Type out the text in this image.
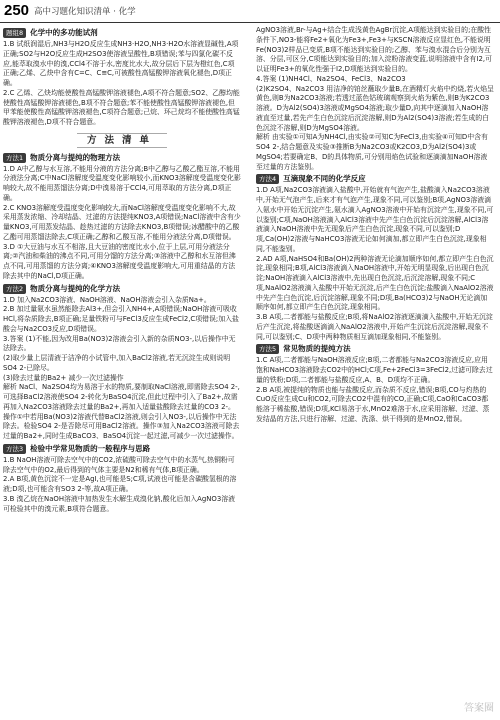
250 高中习题化知识清单 · 化学
题组8 化学中的多功能试剂

1.B 试纸润湿后,NH3与H2O反应生成NH3·H2O,NH3·H2O水溶液显碱性,A项正确;SO2与H2O反应生成H2SO3使溶液呈酸性,B项错误;苯与四氯化碳不反应,能萃取溴水中的溴,CCl4不溶于水,密度比水大,故分层后下层为橙红色,C项正确;乙烯、乙炔中含有C=C、C≡C,可被酸性高锰酸钾溶液氧化褪色,D项正确。

2.C 乙烯、乙炔均能使酸性高锰酸钾溶液褪色,A项不符合题意;SO2、乙醇均能使酸性高锰酸钾溶液褪色,B项不符合题意;苯不能使酸性高锰酸钾溶液褪色,但甲苯能使酸性高锰酸钾溶液褪色,C项符合题意;己烷、环己烷均不能使酸性高锰酸钾溶液褪色,D项不符合题意。

方法清单
方法1 物质分离与提纯的物理方法

1.D A中乙醇与水互溶,不能用分液的方法分离;B中乙醇与乙酸乙酯互溶,不能用分液法分离;C中NaCl溶解度受温度变化影响较小,而KNO3溶解度受温度变化影响较大,故不能用蒸馏法分离;D中溴易溶于CCl4,可用萃取的方法分离,D项正确。

2.C KNO3溶解度受温度变化影响较大,而NaCl溶解度受温度变化影响不大,故采用蒸发浓缩、冷却结晶、过滤的方法提纯KNO3,A项错误;NaCl溶液中含有少量KNO3,可用蒸发结晶、趁热过滤的方法除去KNO3,B项错误;冰醋酸中的乙酸乙酯可用蒸馏法除去,C项正确;乙醇和乙酸互溶,不能用分液法分离,D项错误。

3.D ①大豆油与水互不相溶,且大豆油的密度比水小,位于上层,可用分液法分离;②汽油和柴油的沸点不同,可用分馏的方法分离;③溶液中乙醇和水互溶但沸点不同,可用蒸馏的方法分离;④KNO3溶解度受温度影响大,可用重结晶的方法除去其中的NaCl,D项正确。

方法2 物质分离与提纯的化学方法

1.D 加入Na2CO3溶液、NaOH溶液、NaOH溶液会引入杂质Na+。

2.B 加过量氨水虽然能除去Al3+,但会引入NH4+,A项错误;NaOH溶液可吸收HCl,将杂质除去,B项正确;足量铁粉可与FeCl3反应生成FeCl2,C项错误;加入盐酸会与Na2CO3反应,D项错误。

3.答案 (1)不能,因为改用Ba(NO3)2溶液会引入新的杂质NO3-,以后操作中无法除去。

(2)取少量上层清液于洁净的小试管中,加入BaCl2溶液,若无沉淀生成则说明SO4 2-已除尽。

(3)除去过量的Ba2+ 减少一次过滤操作

解析 NaCl、Na2SO4均为易溶于水的物质,要制取NaCl溶液,即需除去SO4 2-,可选择BaCl2溶液使SO4 2-转化为BaSO4沉淀,但此过程中引入了Ba2+,故需再加入Na2CO3溶液除去过量的Ba2+,再加入适量盐酸除去过量的CO3 2-。操作①中若用Ba(NO3)2溶液代替BaCl2溶液,则会引入NO3-,以后操作中无法除去。检验SO4 2-是否除尽可用BaCl2溶液。操作③加入Na2CO3溶液可除去过量的Ba2+,同时生成BaCO3、BaSO4沉淀一起过滤,可减少一次过滤操作。

方法3 检验中学常见物质的一般程序与思路

1.B NaOH溶液可除去空气中的CO2,浓硫酸可除去空气中的水蒸气,热铜粉可除去空气中的O2,最后得到的气体主要是N2和稀有气体,B项正确。

2.A B项,黄色沉淀不一定是AgI,也可能是S;C项,试液也可能是含碳酸氢根的溶液;D项,也可能含有SO3 2-等,故A项正确。

3.B 溴乙烷在NaOH溶液中加热发生水解生成溴化钠,酸化后加入AgNO3溶液可检验其中的溴元素,B项符合题意。

AgNO3溶液,Br-与Ag+结合生成浅黄色AgBr沉淀,A项能达到实验目的;在酸性条件下,NO3-能将Fe2+氧化为Fe3+,Fe3+与KSCN溶液反应显红色,不能说明Fe(NO3)2样品已变质,B项不能达到实验目的;乙醇、苯与溴水混合后分别为互溶、分层,可区分,C项能达到实验目的;加入淀粉溶液变蓝,说明溶液中含有I2,可以证明Fe3+的氧化性强于I2,D项能达到实验目的。

4.答案 (1)NH4Cl、Na2SO4、FeCl3、Na2CO3

(2)K2SO4、Na2CO3 用洁净的铂丝蘸取少量B,在酒精灯火焰中灼烧,若火焰呈黄色,则B为Na2CO3溶液;若透过蓝色钴玻璃观察到火焰为紫色,则B为K2CO3溶液。D为Al2(SO4)3溶液或MgSO4溶液;取少量D,向其中逐滴加入NaOH溶液直至过量,若先产生白色沉淀后沉淀溶解,则D为Al2(SO4)3溶液;若生成的白色沉淀不溶解,则D为MgSO4溶液。

解析 由实验①可知A为NH4Cl,由实验②可知C为FeCl3,由实验④可知D中含有SO4 2-,结合题意及实验③推断B为Na2CO3或K2CO3,D为Al2(SO4)3或MgSO4;若要确定B、D的具体物质,可分别用焰色试验和逐滴滴加NaOH溶液至过量的方法鉴别。

方法4 互滴现象不同的化学反应

1.D A项,Na2CO3溶液滴入盐酸中,开始就有气泡产生,盐酸滴入Na2CO3溶液中,开始无气泡产生,后来才有气泡产生,现象不同,可以鉴别;B项,AgNO3溶液滴入氨水中开始无沉淀产生,氨水滴入AgNO3溶液中开始有沉淀产生,现象不同,可以鉴别;C项,NaOH溶液滴入AlCl3溶液中先产生白色沉淀后沉淀溶解,AlCl3溶液滴入NaOH溶液中先无现象后产生白色沉淀,现象不同,可以鉴别;D项,Ca(OH)2溶液与NaHCO3溶液无论如何滴加,都立即产生白色沉淀,现象相同,不能鉴别。

2.AD A项,NaHSO4和Ba(OH)2两种溶液无论滴加顺序如何,都立即产生白色沉淀,现象相同;B项,AlCl3溶液滴入NaOH溶液中,开始无明显现象,后出现白色沉淀;NaOH溶液滴入AlCl3溶液中,先出现白色沉淀,后沉淀溶解,现象不同;C项,NaAlO2溶液滴入盐酸中开始无沉淀,后产生白色沉淀;盐酸滴入NaAlO2溶液中先产生白色沉淀,后沉淀溶解,现象不同;D项,Ba(HCO3)2与NaOH无论滴加顺序如何,都立即产生白色沉淀,现象相同。

3.B A项,二者都能与盐酸反应;B项,将NaAlO2溶液逐滴滴入盐酸中,开始无沉淀后产生沉淀,将盐酸逐滴滴入NaAlO2溶液中,开始产生沉淀后沉淀溶解,现象不同,可以鉴别;C、D项中两种物质相互滴加现象相同,不能鉴别。

方法5 常见物质的提纯方法

1.C A项,二者都能与NaOH溶液反应;B项,二者都能与Na2CO3溶液反应,应用饱和NaHCO3溶液除去CO2中的HCl;C项,Fe+2FeCl3=3FeCl2,过滤可除去过量的铁粉;D项,二者都能与盐酸反应,A、B、D项均不正确。

2.B A项,被提纯的物质也能与盐酸反应,而杂质不反应,错误;B项,CO与灼热的CuO反应生成Cu和CO2,可除去CO2中混有的CO,正确;C项,CaO和CaCO3都能溶于稀盐酸,错误;D项,KCl易溶于水,MnO2难溶于水,应采用溶解、过滤、蒸发结晶的方法,只进行溶解、过滤、洗涤、烘干得到的是MnO2,错误。

答案圈
